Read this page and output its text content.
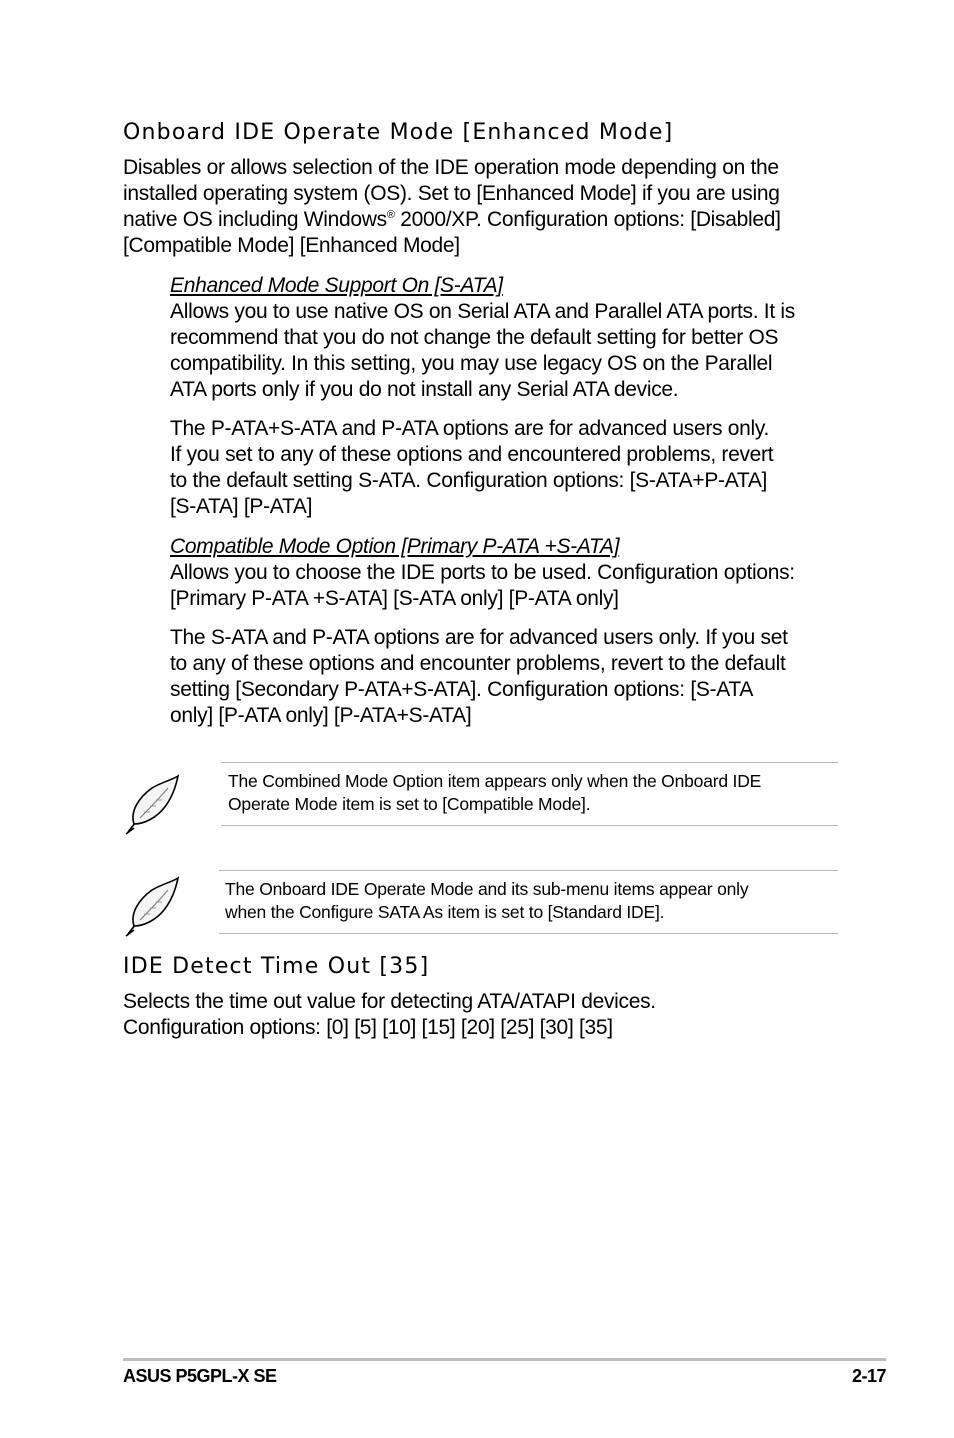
Onboard IDE Operate Mode [Enhanced Mode]
Disables or allows selection of the IDE operation mode depending on the
installed operating system (OS). Set to [Enhanced Mode] if you are using
native OS including Windows® 2000/XP. Configuration options: [Disabled]
[Compatible Mode] [Enhanced Mode]
Enhanced Mode Support On [S-ATA]
Allows you to use native OS on Serial ATA and Parallel ATA ports. It is
recommend that you do not change the default setting for better OS
compatibility. In this setting, you may use legacy OS on the Parallel
ATA ports only if you do not install any Serial ATA device.
The P-ATA+S-ATA and P-ATA options are for advanced users only.
If you set to any of these options and encountered problems, revert
to the default setting S-ATA. Configuration options: [S-ATA+P-ATA]
[S-ATA] [P-ATA]
Compatible Mode Option [Primary P-ATA +S-ATA]
Allows you to choose the IDE ports to be used. Configuration options:
[Primary P-ATA +S-ATA] [S-ATA only] [P-ATA only]
The S-ATA and P-ATA options are for advanced users only. If you set
to any of these options and encounter problems, revert to the default
setting [Secondary P-ATA+S-ATA]. Configuration options: [S-ATA
only] [P-ATA only] [P-ATA+S-ATA]
The Combined Mode Option item appears only when the Onboard IDE
Operate Mode item is set to [Compatible Mode].
The Onboard IDE Operate Mode and its sub-menu items appear only
when the Configure SATA As item is set to [Standard IDE].
IDE Detect Time Out [35]
Selects the time out value for detecting ATA/ATAPI devices.
Configuration options: [0] [5] [10] [15] [20] [25] [30] [35]
ASUS P5GPL-X SE	2-17
